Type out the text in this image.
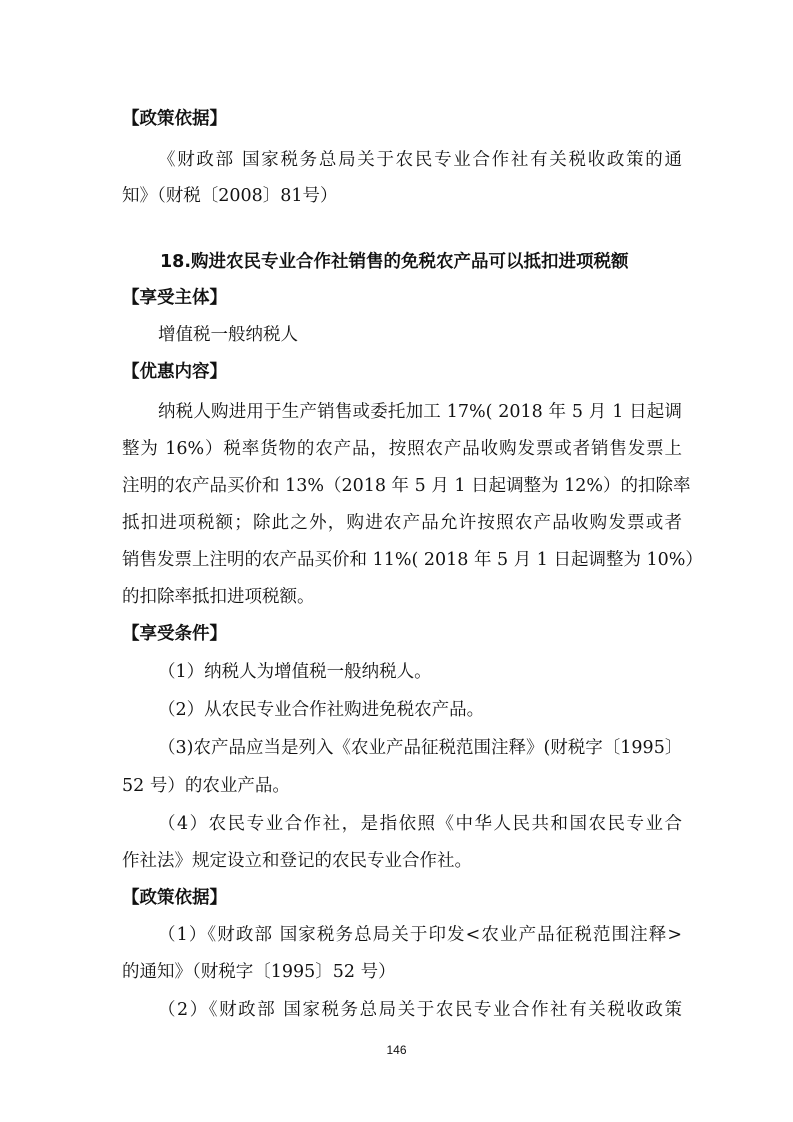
【政策依据】
《财政部 国家税务总局关于农民专业合作社有关税收政策的通
知》（财税〔2008〕81号）
18.购进农民专业合作社销售的免税农产品可以抵扣进项税额
【享受主体】
增值税一般纳税人
【优惠内容】
纳税人购进用于生产销售或委托加工 17%( 2018 年 5 月 1 日起调
整为 16%）税率货物的农产品，按照农产品收购发票或者销售发票上
注明的农产品买价和 13%（2018 年 5 月 1 日起调整为 12%）的扣除率
抵扣进项税额；除此之外，购进农产品允许按照农产品收购发票或者
销售发票上注明的农产品买价和 11%( 2018 年 5 月 1 日起调整为 10%）
的扣除率抵扣进项税额。
【享受条件】
（1）纳税人为增值税一般纳税人。
（2）从农民专业合作社购进免税农产品。
（3)农产品应当是列入《农业产品征税范围注释》(财税字〔1995〕
52 号）的农业产品。
（4）农民专业合作社，是指依照《中华人民共和国农民专业合
作社法》规定设立和登记的农民专业合作社。
【政策依据】
（1）《财政部 国家税务总局关于印发<农业产品征税范围注释>
的通知》（财税字〔1995〕52 号）
（2）《财政部 国家税务总局关于农民专业合作社有关税收政策
146
